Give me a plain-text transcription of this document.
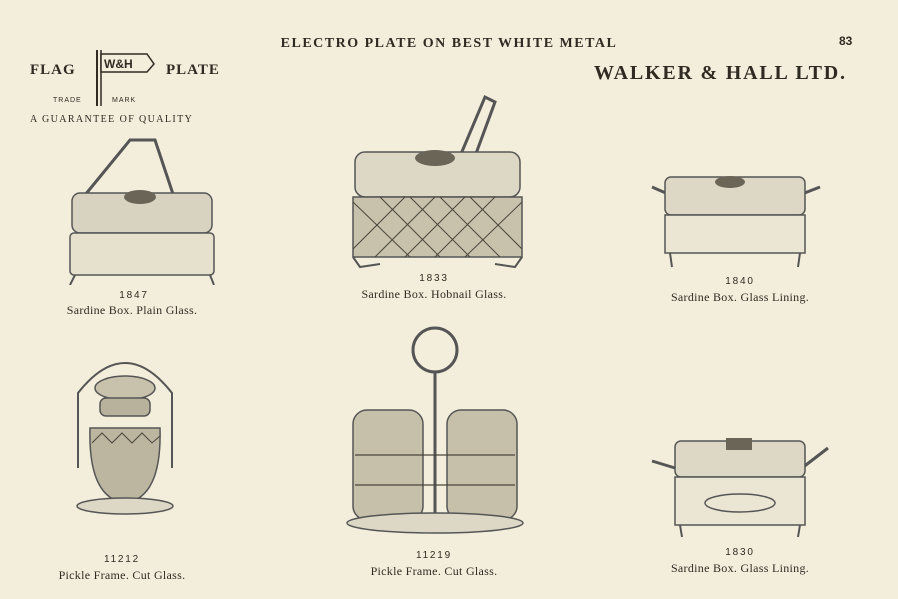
ELECTRO PLATE ON BEST WHITE METAL	83
WALKER & HALL LTD.
FLAG W&H PLATE
TRADE	MARK
A GUARANTEE OF QUALITY
1847
Sardine Box. Plain Glass.
1833
Sardine Box. Hobnail Glass.
1840
Sardine Box. Glass Lining.
11212
Pickle Frame. Cut Glass.
11219
Pickle Frame. Cut Glass.
1830
Sardine Box. Glass Lining.
